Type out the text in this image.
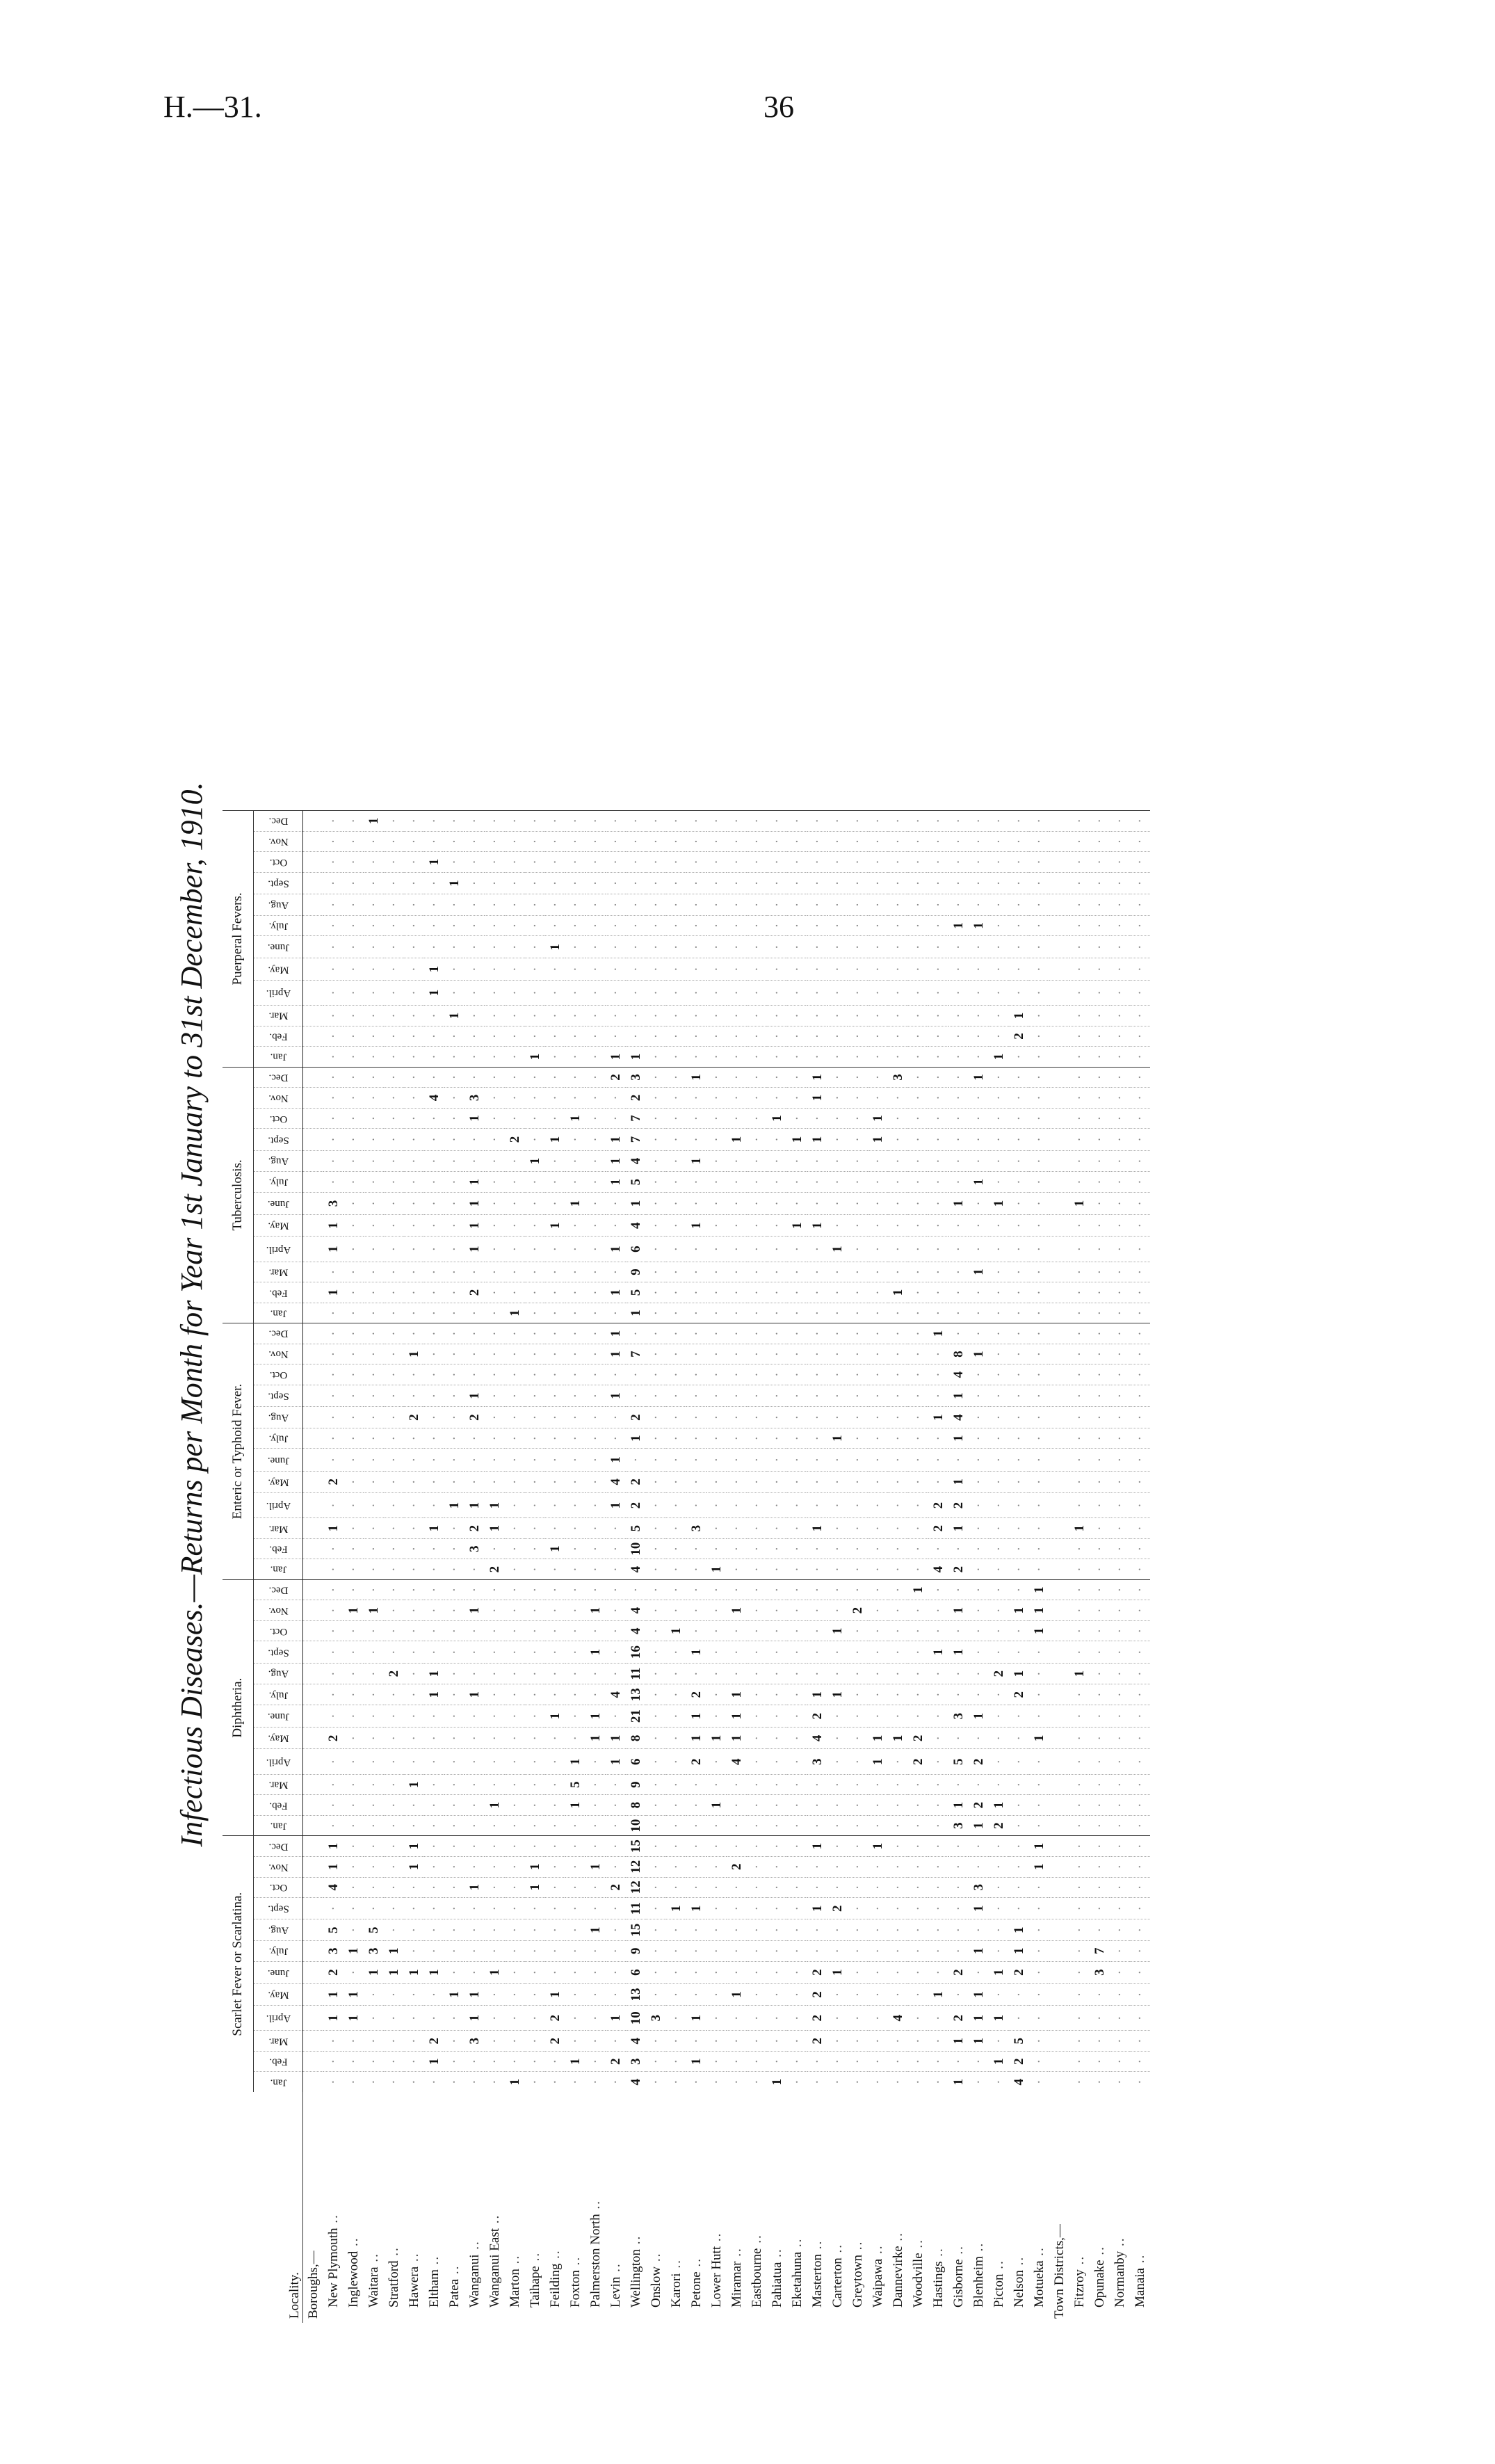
H.—31.	36
Infectious Diseases.—Returns per Month for Year 1st January to 31st December, 1910.
Locality.	Scarlet Fever or Scarlatina.												Diphtheria.												Enteric or Typhoid Fever.												Tuberculosis.												Puerperal Fevers.											
	Jan.	Feb.	Mar.	April.	May.	June.	July.	Aug.	Sept.	Oct.	Nov.	Dec.	Jan.	Feb.	Mar.	April.	May.	June.	July.	Aug.	Sept.	Oct.	Nov.	Dec.	Jan.	Feb.	Mar.	April.	May.	June.	July.	Aug.	Sept.	Oct.	Nov.	Dec.	Jan.	Feb.	Mar.	April.	May.	June.	July.	Aug.	Sept.	Oct.	Nov.	Dec.	Jan.	Feb.	Mar.	April.	May.	June.	July.	Aug.	Sept.	Oct.	Nov.	Dec.
Boroughs,—																																																												
New Plymouth ..	·	·	·	1	1	2	3	5	·	4	1	1	·	·	·	·	2	·	·	·	·	·	·	·	·	·	1	·	2	·	·	·	·	·	·	·	·	1	·	1	1	3	·	·	·	·	·	·	·	·	·	·	·	·	·	·	·	·	·	·
Inglewood ..	·	·	·	1	1	·	1	·	·	·	·	·	·	·	·	·	·	·	·	·	·	·	1	·	·	·	·	·	·	·	·	·	·	·	·	·	·	·	·	·	·	·	·	·	·	·	·	·	·	·	·	·	·	·	·	·	·	·	·	·
Waitara ..	·	·	·	·	·	1	3	5	·	·	·	·	·	·	·	·	·	·	·	·	·	·	1	·	·	·	·	·	·	·	·	·	·	·	·	·	·	·	·	·	·	·	·	·	·	·	·	·	·	·	·	·	·	·	·	·	·	·	·	1
Stratford ..	·	·	·	·	·	1	1	·	·	·	·	·	·	·	·	·	·	·	·	2	·	·	·	·	·	·	·	·	·	·	·	·	·	·	·	·	·	·	·	·	·	·	·	·	·	·	·	·	·	·	·	·	·	·	·	·	·	·	·	·
Hawera ..	·	·	·	·	·	1	·	·	·	·	1	1	·	·	1	·	·	·	·	·	·	·	·	·	·	·	·	·	·	·	·	2	·	·	1	·	·	·	·	·	·	·	·	·	·	·	·	·	·	·	·	·	·	·	·	·	·	·	·	·
Eltham ..	·	1	2	·	·	1	·	·	·	·	·	·	·	·	·	·	·	·	1	1	·	·	·	·	·	·	1	·	·	·	·	·	·	·	·	·	·	·	·	·	·	·	·	·	·	·	4	·	·	·	·	1	1	·	·	·	·	1	·	·
Patea ..	·	·	·	·	1	·	·	·	·	·	·	·	·	·	·	·	·	·	·	·	·	·	·	·	·	·	·	1	·	·	·	·	·	·	·	·	·	·	·	·	·	·	·	·	·	·	·	·	·	·	1	·	·	·	·	·	1	·	·	·
Wanganui ..	·	·	3	1	1	·	·	·	·	1	·	·	·	·	·	·	·	·	1	·	·	·	1	·	·	3	2	1	·	·	·	2	1	·	·	·	·	2	·	1	1	1	1	·	·	1	3	·	·	·	·	·	·	·	·	·	·	·	·	·
Wanganui East ..	·	·	·	·	·	1	·	·	·	·	·	·	·	1	·	·	·	·	·	·	·	·	·	·	2	·	1	1	·	·	·	·	·	·	·	·	·	·	·	·	·	·	·	·	·	·	·	·	·	·	·	·	·	·	·	·	·	·	·	·
Marton ..	1	·	·	·	·	·	·	·	·	·	·	·	·	·	·	·	·	·	·	·	·	·	·	·	·	·	·	·	·	·	·	·	·	·	·	·	1	·	·	·	·	·	·	·	2	·	·	·	·	·	·	·	·	·	·	·	·	·	·	·
Taihape ..	·	·	·	·	·	·	·	·	·	1	1	·	·	·	·	·	·	·	·	·	·	·	·	·	·	·	·	·	·	·	·	·	·	·	·	·	·	·	·	·	·	·	·	1	·	·	·	·	1	·	·	·	·	·	·	·	·	·	·	·
Feilding ..	·	·	2	2	1	·	·	·	·	·	·	·	·	·	·	·	·	1	·	·	·	·	·	·	·	1	·	·	·	·	·	·	·	·	·	·	·	·	·	·	1	·	·	·	1	·	·	·	·	·	·	·	·	1	·	·	·	·	·	·
Foxton ..	·	1	·	·	·	·	·	·	·	·	·	·	·	1	5	1	·	·	·	·	·	·	·	·	·	·	·	·	·	·	·	·	·	·	·	·	·	·	·	·	·	1	·	·	·	1	·	·	·	·	·	·	·	·	·	·	·	·	·	·
Palmerston North ..	·	·	·	·	·	·	·	1	·	·	1	·	·	·	·	·	1	1	·	·	1	·	1	·	·	·	·	·	·	·	·	·	·	·	·	·	·	·	·	·	·	·	·	·	·	·	·	·	·	·	·	·	·	·	·	·	·	·	·	·
Levin ..	·	2	·	1	·	·	·	·	·	2	·	·	·	·	·	1	1	·	4	·	·	·	·	·	·	·	·	1	4	1	·	·	1	·	1	1	·	1	·	1	·	·	1	1	1	·	·	2	1	·	·	·	·	·	·	·	·	·	·	·
Wellington ..	4	3	4	10	13	6	9	15	11	12	12	15	10	8	9	6	8	21	13	11	16	4	4	·	4	10	5	2	2	·	1	2	·	·	7	·	1	5	9	6	4	1	5	4	7	7	2	3	1	·	·	·	·	·	·	·	·	·	·	·
Onslow ..	·	·	·	3	·	·	·	·	·	·	·	·	·	·	·	·	·	·	·	·	·	·	·	·	·	·	·	·	·	·	·	·	·	·	·	·	·	·	·	·	·	·	·	·	·	·	·	·	·	·	·	·	·	·	·	·	·	·	·	·
Karori ..	·	·	·	·	·	·	·	·	1	·	·	·	·	·	·	·	·	·	·	·	·	1	·	·	·	·	·	·	·	·	·	·	·	·	·	·	·	·	·	·	·	·	·	·	·	·	·	·	·	·	·	·	·	·	·	·	·	·	·	·
Petone ..	·	1	·	1	·	·	·	·	1	·	·	·	·	·	·	2	1	1	2	·	1	·	·	·	·	·	3	·	·	·	·	·	·	·	·	·	·	·	·	·	1	·	·	1	·	·	·	1	·	·	·	·	·	·	·	·	·	·	·	·
Lower Hutt ..	·	·	·	·	·	·	·	·	·	·	·	·	·	1	·	·	1	·	·	·	·	·	·	·	1	·	·	·	·	·	·	·	·	·	·	·	·	·	·	·	·	·	·	·	·	·	·	·	·	·	·	·	·	·	·	·	·	·	·	·
Miramar ..	·	·	·	·	1	·	·	·	·	·	2	·	·	·	·	4	1	1	1	·	·	·	1	·	·	·	·	·	·	·	·	·	·	·	·	·	·	·	·	·	·	·	·	·	1	·	·	·	·	·	·	·	·	·	·	·	·	·	·	·
Eastbourne ..	·	·	·	·	·	·	·	·	·	·	·	·	·	·	·	·	·	·	·	·	·	·	·	·	·	·	·	·	·	·	·	·	·	·	·	·	·	·	·	·	·	·	·	·	·	·	·	·	·	·	·	·	·	·	·	·	·	·	·	·
Pahiatua ..	1	·	·	·	·	·	·	·	·	·	·	·	·	·	·	·	·	·	·	·	·	·	·	·	·	·	·	·	·	·	·	·	·	·	·	·	·	·	·	·	·	·	·	·	·	1	·	·	·	·	·	·	·	·	·	·	·	·	·	·
Eketahuna ..	·	·	·	·	·	·	·	·	·	·	·	·	·	·	·	·	·	·	·	·	·	·	·	·	·	·	·	·	·	·	·	·	·	·	·	·	·	·	·	·	1	·	·	·	1	·	·	·	·	·	·	·	·	·	·	·	·	·	·	·
Masterton ..	·	·	2	2	2	2	·	·	1	·	·	1	·	·	·	3	4	2	1	·	·	·	·	·	·	·	1	·	·	·	·	·	·	·	·	·	·	·	·	·	1	·	·	·	1	·	1	1	·	·	·	·	·	·	·	·	·	·	·	·
Carterton ..	·	·	·	·	·	1	·	·	2	·	·	·	·	·	·	·	·	·	1	·	·	1	·	·	·	·	·	·	·	·	1	·	·	·	·	·	·	·	·	1	·	·	·	·	·	·	·	·	·	·	·	·	·	·	·	·	·	·	·	·
Greytown ..	·	·	·	·	·	·	·	·	·	·	·	·	·	·	·	·	·	·	·	·	·	·	2	·	·	·	·	·	·	·	·	·	·	·	·	·	·	·	·	·	·	·	·	·	·	·	·	·	·	·	·	·	·	·	·	·	·	·	·	·
Waipawa ..	·	·	·	·	·	·	·	·	·	·	·	1	·	·	·	1	1	·	·	·	·	·	·	·	·	·	·	·	·	·	·	·	·	·	·	·	·	·	·	·	·	·	·	·	1	1	·	·	·	·	·	·	·	·	·	·	·	·	·	·
Dannevirke ..	·	·	·	4	·	·	·	·	·	·	·	·	·	·	·	·	1	·	·	·	·	·	·	·	·	·	·	·	·	·	·	·	·	·	·	·	·	1	·	·	·	·	·	·	·	·	·	3	·	·	·	·	·	·	·	·	·	·	·	·
Woodville ..	·	·	·	·	·	·	·	·	·	·	·	·	·	·	·	2	2	·	·	·	·	·	·	1	·	·	·	·	·	·	·	·	·	·	·	·	·	·	·	·	·	·	·	·	·	·	·	·	·	·	·	·	·	·	·	·	·	·	·	·
Hastings ..	·	·	·	·	1	·	·	·	·	·	·	·	·	·	·	·	·	·	·	·	1	·	·	·	4	·	2	2	·	·	·	1	·	·	·	1	·	·	·	·	·	·	·	·	·	·	·	·	·	·	·	·	·	·	·	·	·	·	·	·
Gisborne ..	1	·	1	2	·	2	·	·	·	·	·	·	3	1	·	5	·	3	·	·	1	·	1	·	2	·	1	2	1	·	1	4	1	4	8	·	·	·	·	·	·	1	·	·	·	·	·	·	·	·	·	·	·	·	1	·	·	·	·	·
Blenheim ..	·	·	1	1	1	·	1	·	1	3	·	·	1	2	·	2	·	1	·	·	·	·	·	·	·	·	·	·	·	·	·	·	·	·	1	·	·	·	1	·	·	·	1	·	·	·	·	1	·	·	·	·	·	·	1	·	·	·	·	·
Picton ..	·	1	·	1	·	1	·	·	·	·	·	·	2	1	·	·	·	·	·	2	·	·	·	·	·	·	·	·	·	·	·	·	·	·	·	·	·	·	·	·	·	1	·	·	·	·	·	·	1	·	·	·	·	·	·	·	·	·	·	·
Nelson ..	4	2	5	·	·	2	1	1	·	·	·	·	·	·	·	·	·	·	2	1	·	·	1	·	·	·	·	·	·	·	·	·	·	·	·	·	·	·	·	·	·	·	·	·	·	·	·	·	·	2	1	·	·	·	·	·	·	·	·	·
Motueka ..	·	·	·	·	·	·	·	·	·	·	1	1	·	·	·	·	1	·	·	·	·	1	1	1	·	·	·	·	·	·	·	·	·	·	·	·	·	·	·	·	·	·	·	·	·	·	·	·	·	·	·	·	·	·	·	·	·	·	·	·
Town Districts,—																																																												
Fitzroy ..	·	·	·	·	·	·	·	·	·	·	·	·	·	·	·	·	·	·	·	1	·	·	·	·	·	·	1	·	·	·	·	·	·	·	·	·	·	·	·	·	·	1	·	·	·	·	·	·	·	·	·	·	·	·	·	·	·	·	·	·
Opunake ..	·	·	·	·	·	3	7	·	·	·	·	·	·	·	·	·	·	·	·	·	·	·	·	·	·	·	·	·	·	·	·	·	·	·	·	·	·	·	·	·	·	·	·	·	·	·	·	·	·	·	·	·	·	·	·	·	·	·	·	·
Normanby ..	·	·	·	·	·	·	·	·	·	·	·	·	·	·	·	·	·	·	·	·	·	·	·	·	·	·	·	·	·	·	·	·	·	·	·	·	·	·	·	·	·	·	·	·	·	·	·	·	·	·	·	·	·	·	·	·	·	·	·	·
Manaia ..	·	·	·	·	·	·	·	·	·	·	·	·	·	·	·	·	·	·	·	·	·	·	·	·	·	·	·	·	·	·	·	·	·	·	·	·	·	·	·	·	·	·	·	·	·	·	·	·	·	·	·	·	·	·	·	·	·	·	·	·
